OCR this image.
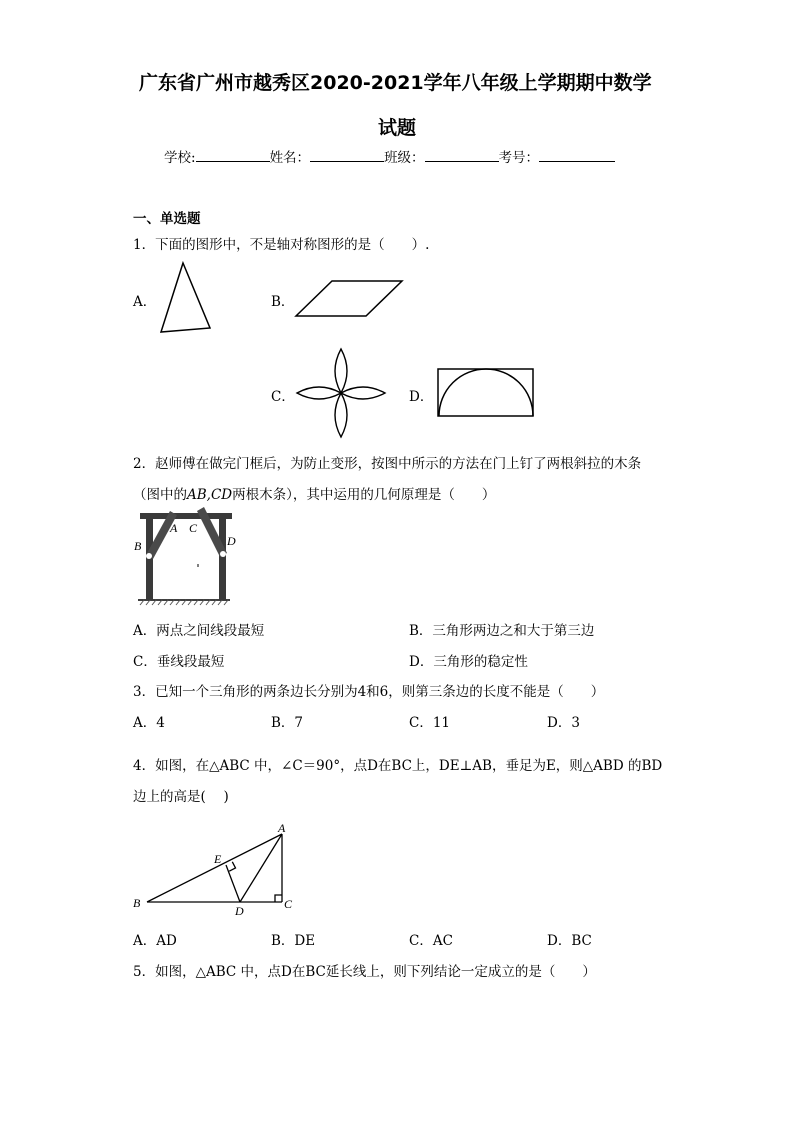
广东省广州市越秀区2020-2021学年八年级上学期期中数学
试题
学校:	姓名：	班级：	考号：
一、单选题
1．下面的图形中，不是轴对称图形的是（　　）.
A．	B．
C．	D．
2．赵师傅在做完门框后，为防止变形，按图中所示的方法在门上钉了两根斜拉的木条
（图中的AB,CD两根木条），其中运用的几何原理是（　　）
A
B
C
D
A．两点之间线段最短	B．三角形两边之和大于第三边
C．垂线段最短	D．三角形的稳定性
3．已知一个三角形的两条边长分别为4和6，则第三条边的长度不能是（　　）
A．4	B．7	C．11	D．3
4．如图，在△ABC 中，∠C＝90°，点D在BC上，DE⊥AB，垂足为E，则△ABD 的BD
边上的高是(　 )
A
E
B
D	C
A．AD	B．DE	C．AC	D．BC
5．如图，△ABC 中，点D在BC延长线上，则下列结论一定成立的是（　　）
